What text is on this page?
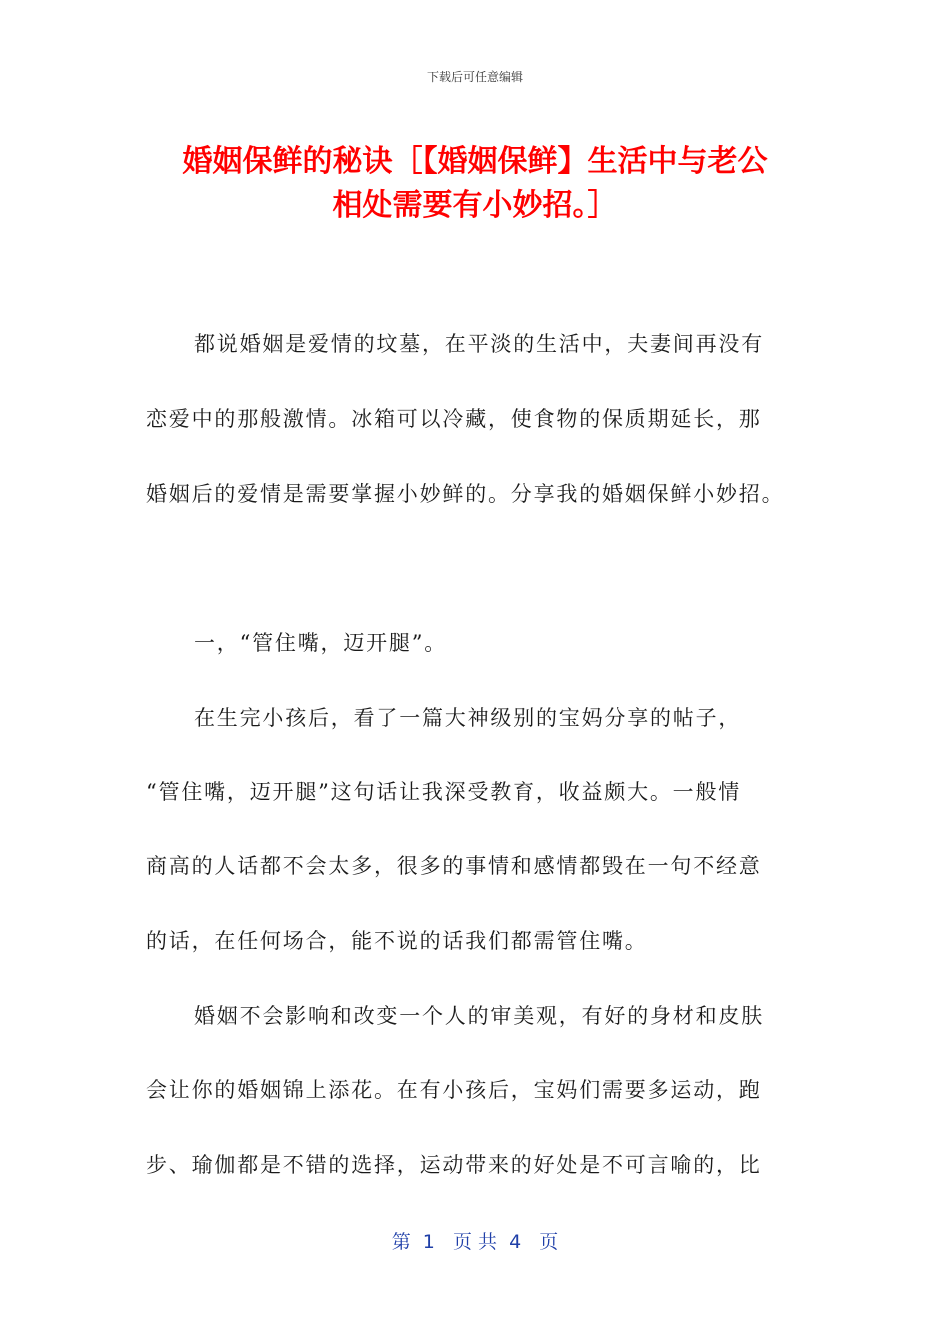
下载后可任意编辑
婚姻保鲜的秘诀［【婚姻保鲜】生活中与老公
相处需要有小妙招。］
都说婚姻是爱情的坟墓，在平淡的生活中，夫妻间再没有
恋爱中的那般激情。冰箱可以冷藏，使食物的保质期延长，那
婚姻后的爱情是需要掌握小妙鲜的。分享我的婚姻保鲜小妙招。
一，“管住嘴，迈开腿”。
在生完小孩后，看了一篇大神级别的宝妈分享的帖子，
“管住嘴，迈开腿”这句话让我深受教育，收益颇大。一般情
商高的人话都不会太多，很多的事情和感情都毁在一句不经意
的话，在任何场合，能不说的话我们都需管住嘴。
婚姻不会影响和改变一个人的审美观，有好的身材和皮肤
会让你的婚姻锦上添花。在有小孩后，宝妈们需要多运动，跑
步、瑜伽都是不错的选择，运动带来的好处是不可言喻的，比
第  1   页 共  4   页
